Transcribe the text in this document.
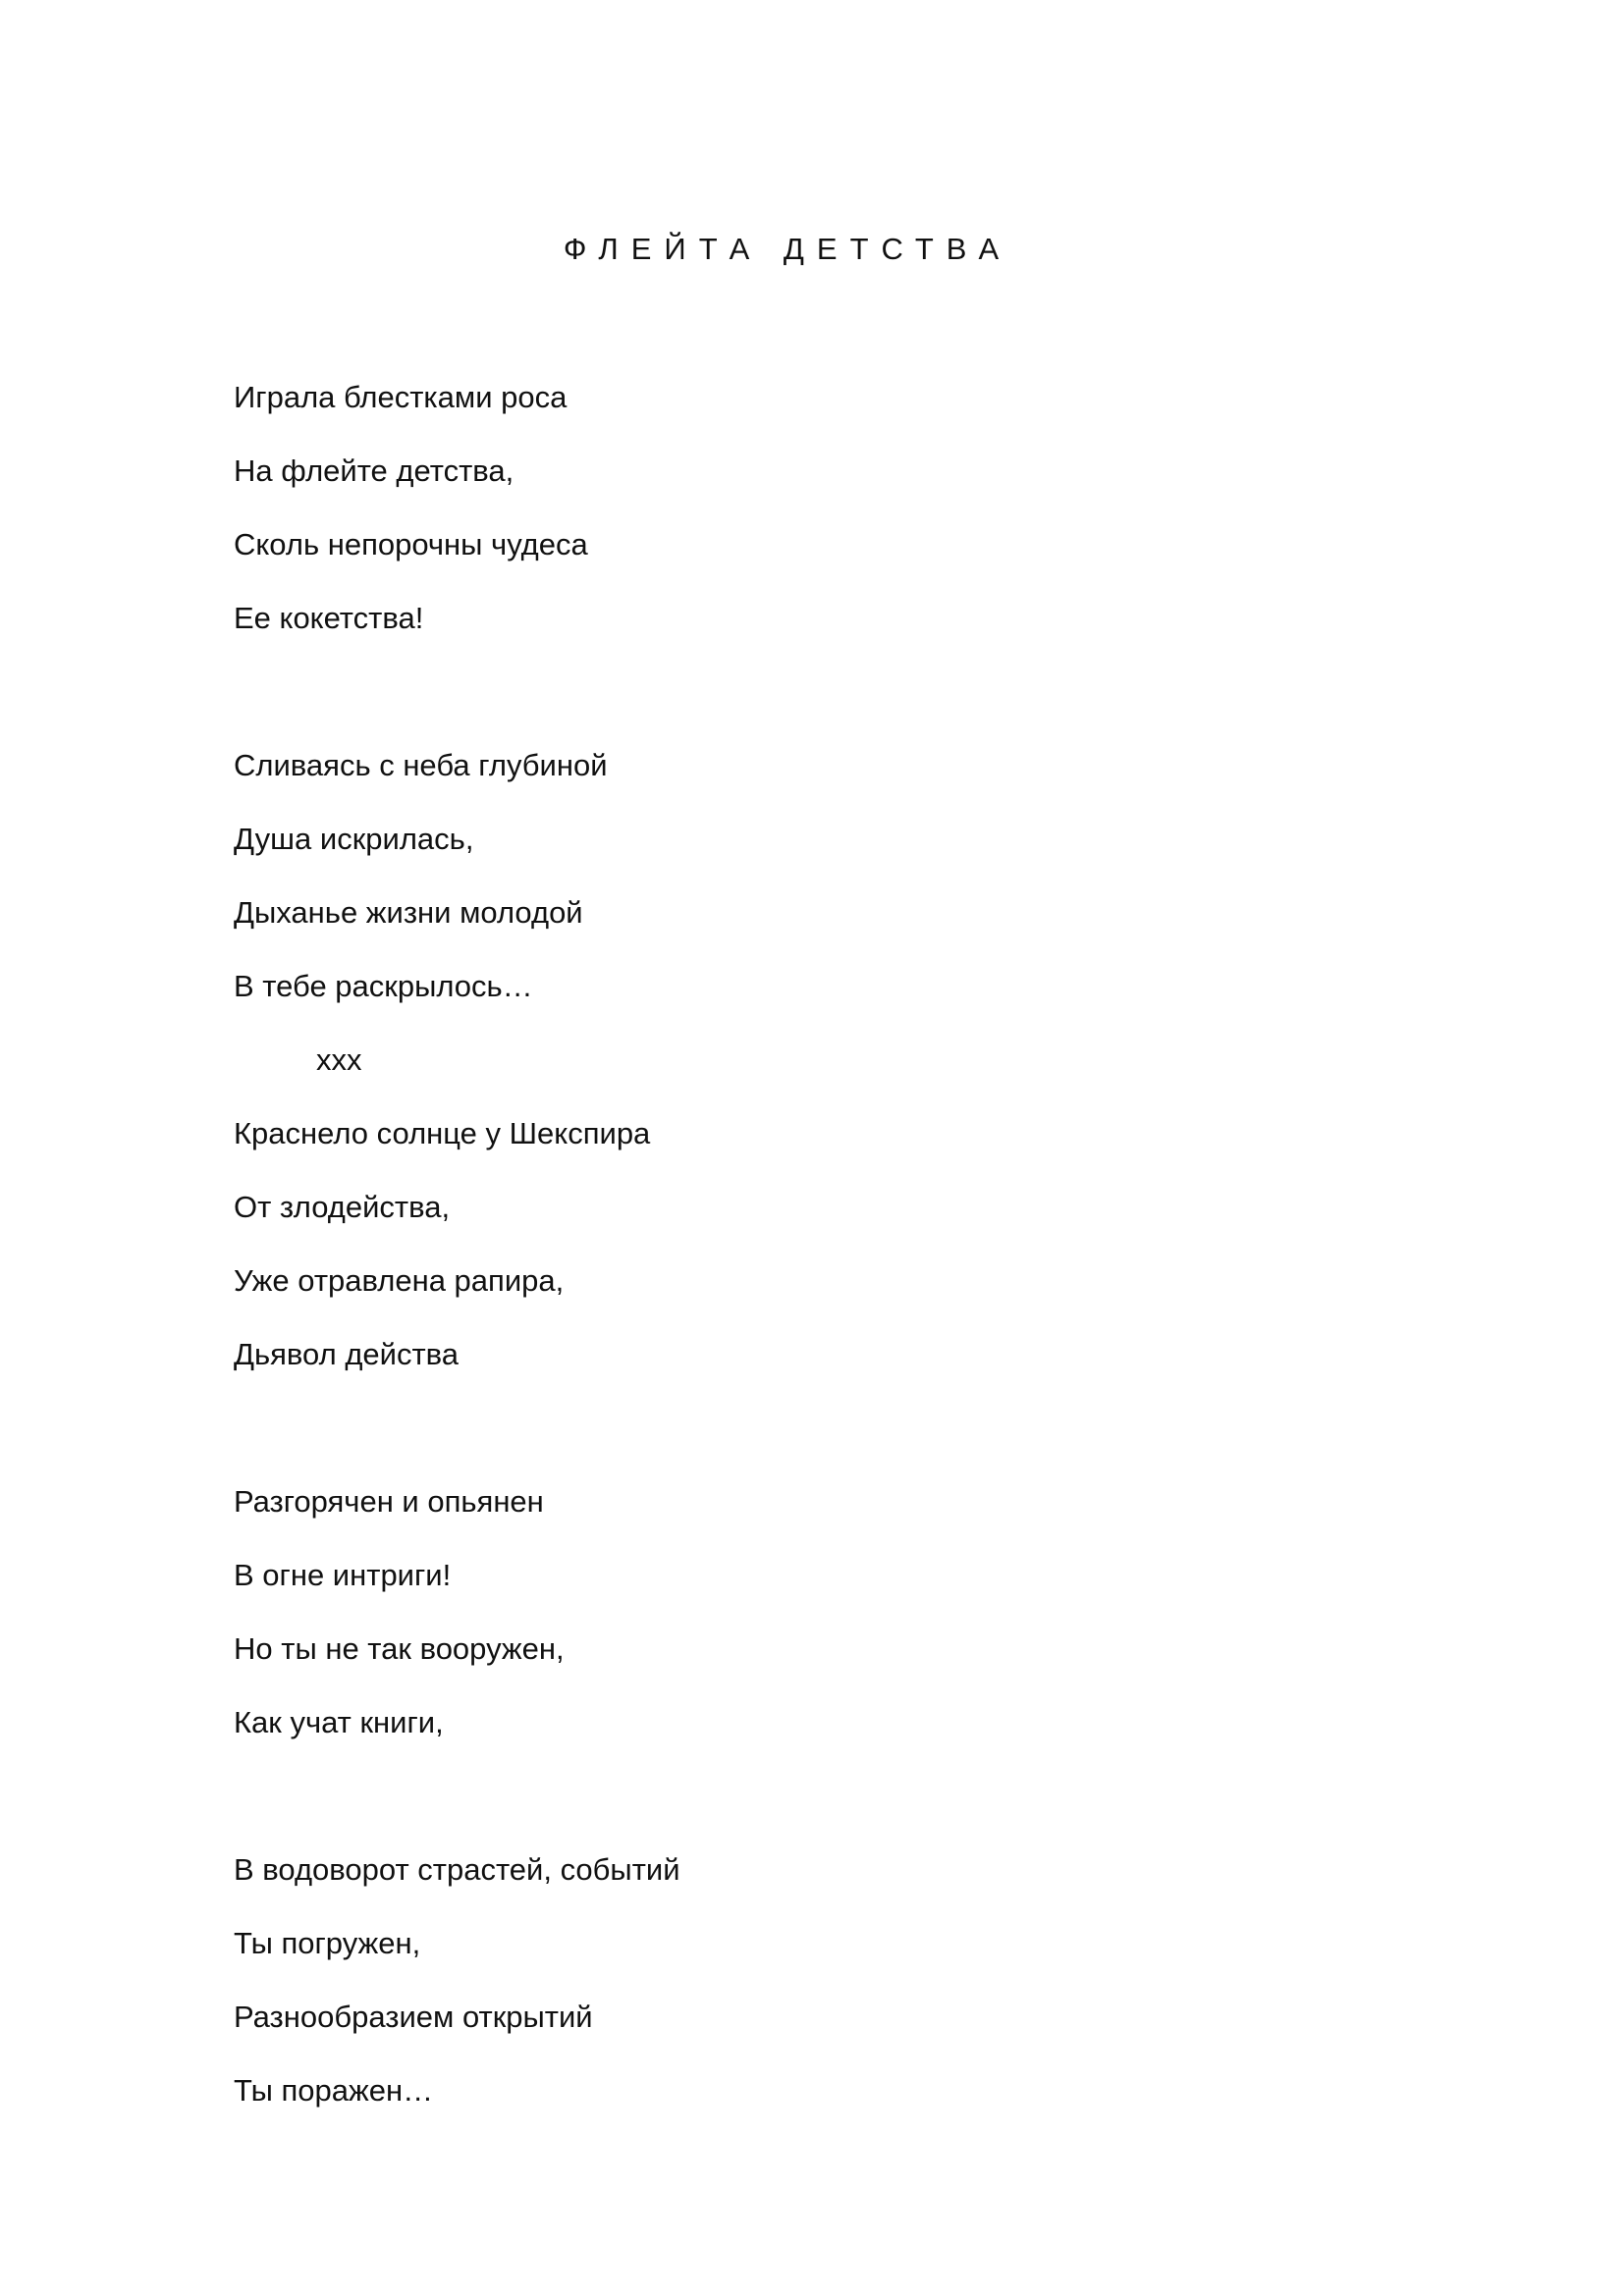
ФЛЕЙТА ДЕТСТВА
Играла блестками роса
На флейте детства,
Сколь непорочны чудеса
Ее кокетства!
Сливаясь с неба глубиной
Душа искрилась,
Дыханье жизни молодой
В тебе раскрылось…
xxx
Краснело солнце у Шекспира
От злодейства,
Уже отравлена рапира,
Дьявол действа
Разгорячен и опьянен
В огне интриги!
Но ты не так вооружен,
Как учат книги,
В водоворот страстей, событий
Ты погружен,
Разнообразием открытий
Ты поражен…
